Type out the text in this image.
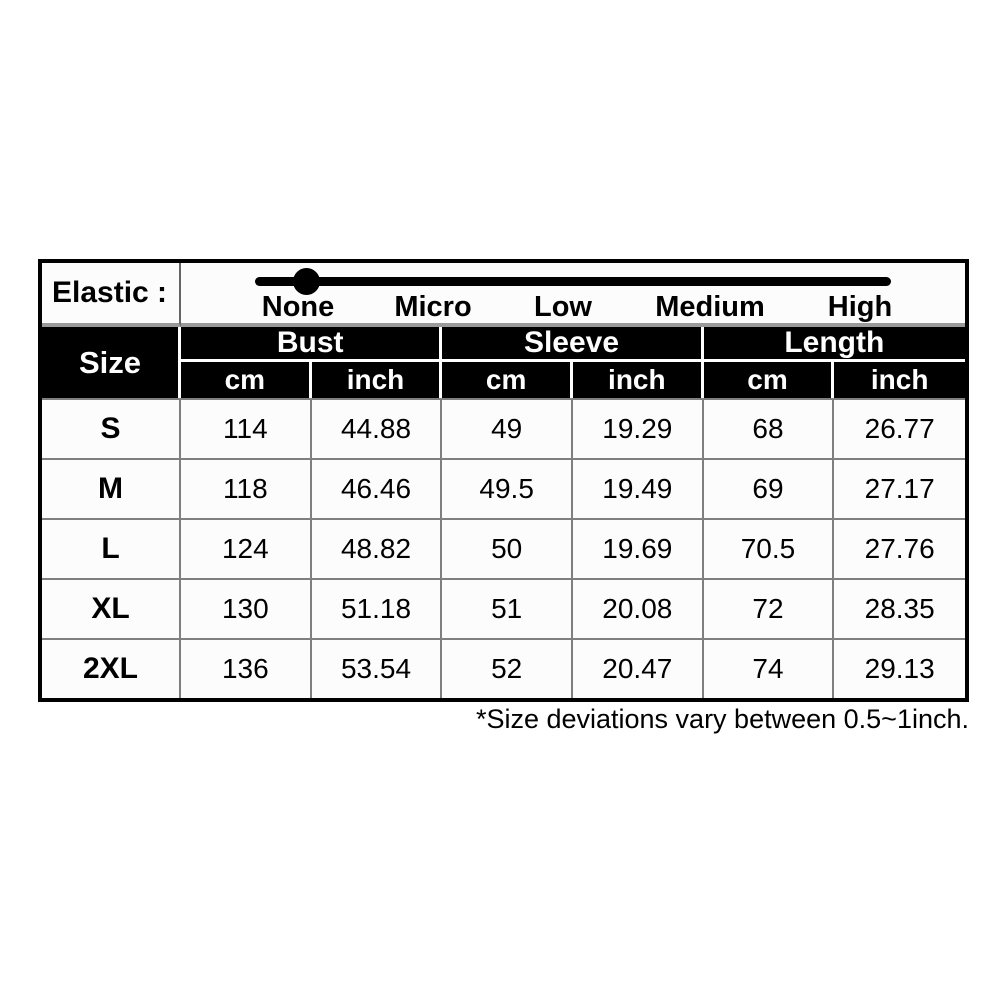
Elastic :	None Micro Low Medium High
Size
Bust	Sleeve	Length
cm	inch	cm	inch	cm	inch
S	114	44.88	49	19.29	68	26.77
M	118	46.46	49.5	19.49	69	27.17
L	124	48.82	50	19.69	70.5	27.76
XL	130	51.18	51	20.08	72	28.35
2XL	136	53.54	52	20.47	74	29.13
*Size deviations vary between 0.5~1inch.
